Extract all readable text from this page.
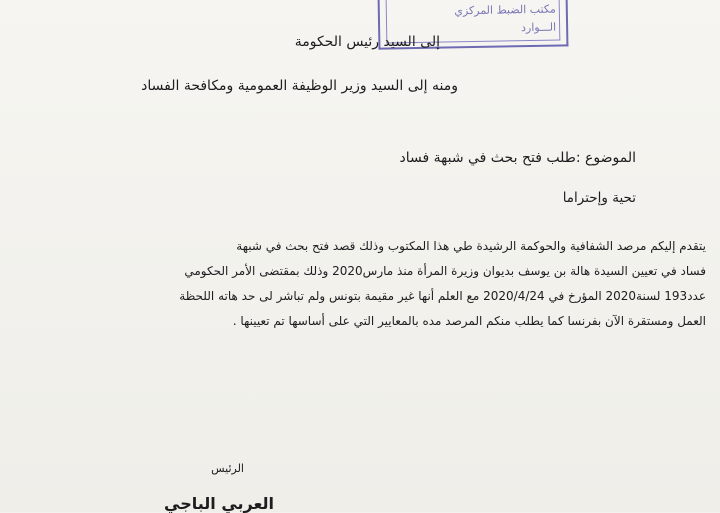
مكتب الضبط المركزي
الـــوارد
إلى السيد رئيس الحكومة
ومنه إلى السيد وزير الوظيفة العمومية ومكافحة الفساد
الموضوع :طلب فتح بحث في شبهة فساد
تحية وإحتراما
يتقدم إليكم مرصد الشفافية والحوكمة الرشيدة طي هذا المكتوب وذلك قصد فتح بحث في شبهة
فساد في تعيين السيدة هالة بن يوسف بديوان وزيرة المرأة منذ مارس2020 وذلك بمقتضى الأمر الحكومي
عدد193 لسنة2020 المؤرخ في 2020/4/24 مع العلم أنها غير مقيمة بتونس ولم تباشر لى حد هاته اللحظة
العمل ومستقرة الآن بفرنسا كما يطلب منكم المرصد مده بالمعايير التي على أساسها تم تعيينها .
الرئيس
العربي الباجي
